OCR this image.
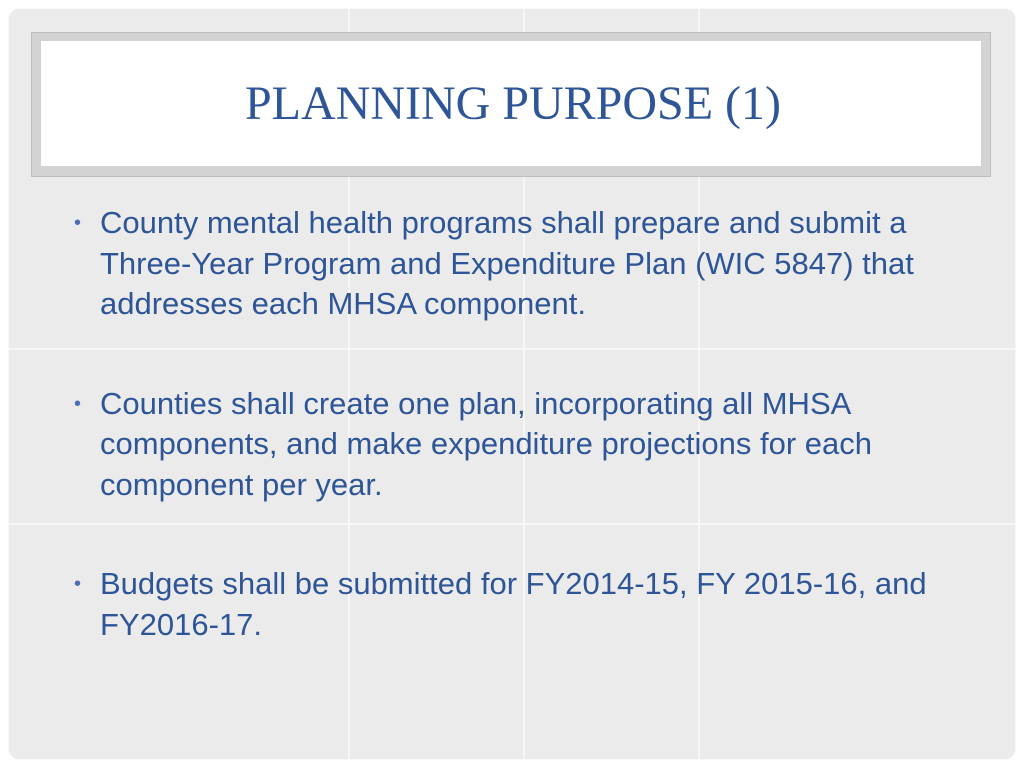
PLANNING PURPOSE (1)
• County mental health programs shall prepare and submit a Three-Year Program and Expenditure Plan (WIC 5847) that addresses each MHSA component.
• Counties shall create one plan, incorporating all MHSA components, and make expenditure projections for each component per year.
• Budgets shall be submitted for FY2014-15, FY 2015-16, and FY2016-17.
